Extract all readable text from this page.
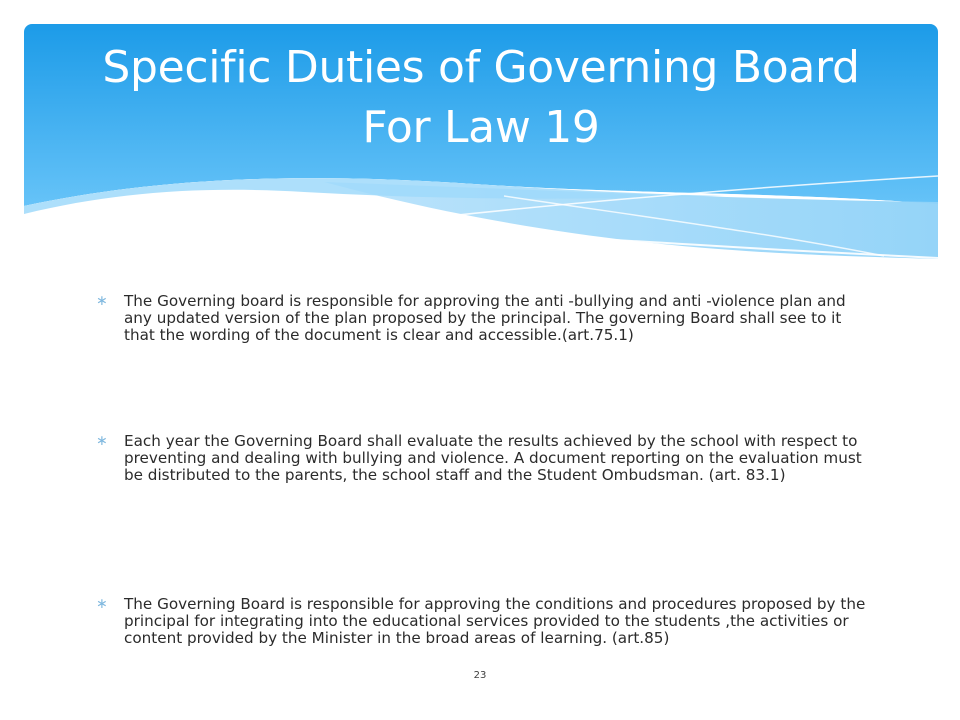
Specific Duties of Governing Board
For Law 19
∗ The Governing board is responsible for approving the anti -bullying and anti -violence plan and any updated version of the plan proposed by the principal. The governing Board shall see to it that the wording of the document is clear and accessible.(art.75.1)
∗ Each year the Governing Board shall evaluate the results achieved by the school with respect to preventing and dealing with bullying and violence. A document reporting on the evaluation must be distributed to the parents, the school staff and the Student Ombudsman. (art. 83.1)
∗ The Governing Board is responsible for approving the conditions and procedures proposed by the principal for integrating into the educational services provided to the students ,the activities or content provided by the Minister in the broad areas of learning. (art.85)
23
